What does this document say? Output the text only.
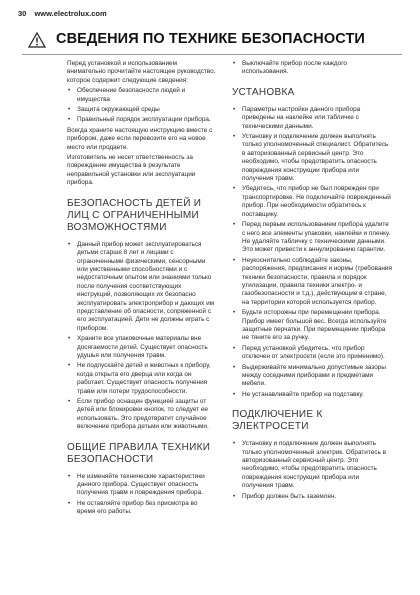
30 www.electrolux.com
СВЕДЕНИЯ ПО ТЕХНИКЕ БЕЗОПАСНОСТИ

Перед установкой и использованием внимательно прочитайте настоящее руководство, которое содержит следующие сведения:

• Обеспечение безопасности людей и имущества
• Защита окружающей среды
• Правильный порядок эксплуатации прибора.

Всегда храните настоящую инструкцию вместе с прибором, даже если перевозите его на новое место или продаете.

Изготовитель не несет ответственность за повреждение имущества в результате неправильной установки или эксплуатации прибора.

БЕЗОПАСНОСТЬ ДЕТЕЙ И ЛИЦ С ОГРАНИЧЕННЫМИ ВОЗМОЖНОСТЯМИ
• Данный прибор может эксплуатироваться детьми старше 8 лет и лицами с ограниченными физическими, сенсорными или умственными способностями и с недостаточным опытом или знаниями только после получения соответствующих инструкций, позволяющих их безопасно эксплуатировать электроприбор и дающих им представление об опасности, сопряженной с его эксплуатацией. Дети не должны играть с прибором.
• Храните все упаковочные материалы вне досягаемости детей. Существует опасность удушья или получения травм.
• Не подпускайте детей и животных к прибору, когда открыта его дверца или когда он работает. Существует опасность получения травм или потери трудоспособности.
• Если прибор оснащен функцией защиты от детей или блокировки кнопок, то следует ее использовать. Это предотвратит случайное включение прибора детьми или животными.
ОБЩИЕ ПРАВИЛА ТЕХНИКИ БЕЗОПАСНОСТИ
• Не изменяйте технические характеристики данного прибора. Существует опасность получения травм и повреждения прибора.
• Не оставляйте прибор без присмотра во время его работы.
• Выключайте прибор после каждого использования.
УСТАНОВКА
• Параметры настройки данного прибора приведены на наклейке или табличке с техническими данными.
• Установку и подключение должен выполнять только уполномоченный специалист. Обратитесь в авторизованный сервисный центр. Это необходимо, чтобы предотвратить опасность повреждения конструкции прибора или получения травм.
• Убедитесь, что прибор не был поврежден при транспортировке. Не подключайте поврежденный прибор. При необходимости обратитесь к поставщику.
• Перед первым использованием прибора удалите с него все элементы упаковки, наклейки и пленку. Не удаляйте табличку с техническими данными. Это может привести к аннулированию гарантии.
• Неукоснительно соблюдайте законы, распоряжения, предписания и нормы (требования техники безопасности, правила и порядок утилизации, правила техники электро- и газобезопасности и т.д.), действующие в стране, на территории которой используется прибор.
• Будьте осторожны при перемещении прибора. Прибор имеет большой вес. Всегда используйте защитные перчатки. При перемещении прибора не тяните его за ручку.
• Перед установкой убедитесь, что прибор отключен от электросети (если это применимо).
• Выдерживайте минимально допустимые зазоры между соседними приборами и предметами мебели.
• Не устанавливайте прибор на подставку.
ПОДКЛЮЧЕНИЕ К ЭЛЕКТРОСЕТИ
• Установку и подключение должен выполнять только уполномоченный электрик. Обратитесь в авторизованный сервисный центр. Это необходимо, чтобы предотвратить опасность повреждения конструкции прибора или получения травм.
• Прибор должен быть заземлен.
